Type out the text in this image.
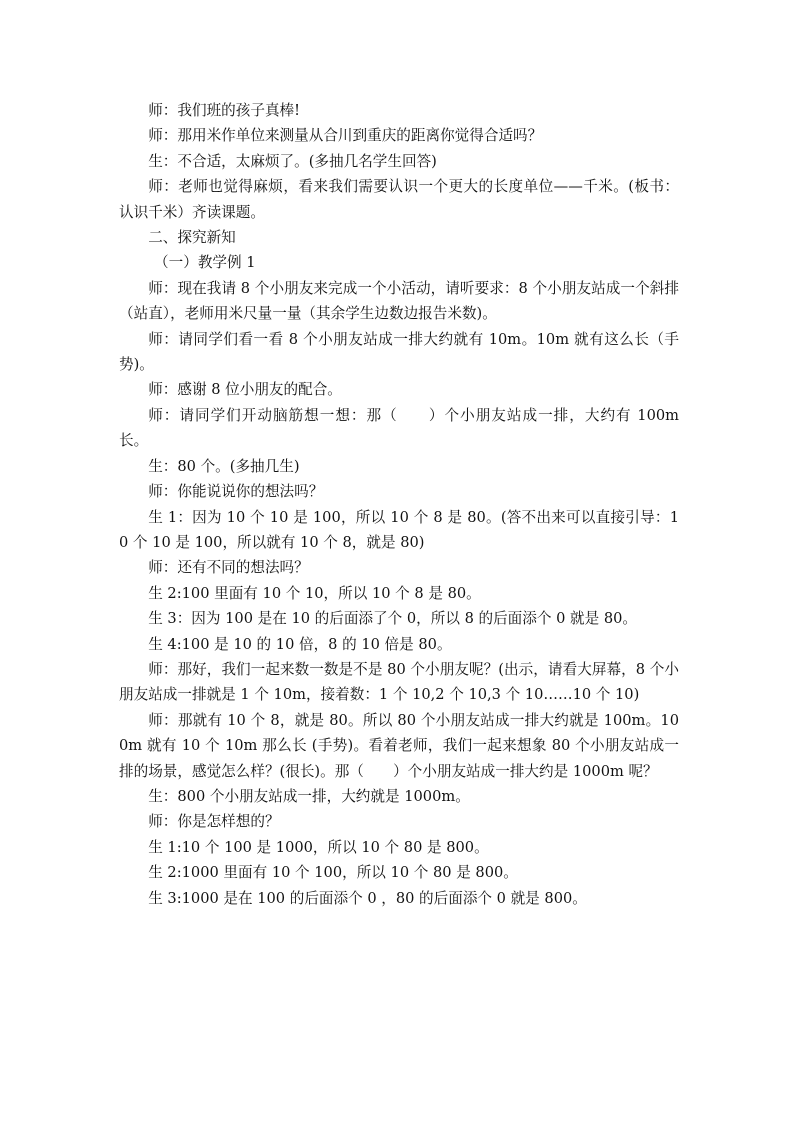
师：我们班的孩子真棒!

师：那用米作单位来测量从合川到重庆的距离你觉得合适吗？

生：不合适，太麻烦了。(多抽几名学生回答)

师：老师也觉得麻烦，看来我们需要认识一个更大的长度单位——千米。(板书：认识千米）齐读课题。

二、探究新知

（一）教学例 1

师：现在我请 8 个小朋友来完成一个小活动，请听要求：8 个小朋友站成一个斜排（站直），老师用米尺量一量（其余学生边数边报告米数)。

师：请同学们看一看 8 个小朋友站成一排大约就有 10m。10m 就有这么长（手势)。

师：感谢 8 位小朋友的配合。

师：请同学们开动脑筋想一想：那（　　）个小朋友站成一排，大约有 100m 长。

生：80 个。(多抽几生)

师：你能说说你的想法吗？

生 1：因为 10 个 10 是 100，所以 10 个 8 是 80。(答不出来可以直接引导：10 个 10 是 100，所以就有 10 个 8，就是 80)

师：还有不同的想法吗？

生 2:100 里面有 10 个 10，所以 10 个 8 是 80。

生 3：因为 100 是在 10 的后面添了个 0，所以 8 的后面添个 0 就是 80。

生 4:100 是 10 的 10 倍，8 的 10 倍是 80。

师：那好，我们一起来数一数是不是 80 个小朋友呢？(出示，请看大屏幕，8 个小朋友站成一排就是 1 个 10m，接着数：1 个 10,2 个 10,3 个 10……10 个 10)

师：那就有 10 个 8，就是 80。所以 80 个小朋友站成一排大约就是 100m。100m 就有 10 个 10m 那么长 (手势)。看着老师，我们一起来想象 80 个小朋友站成一排的场景，感觉怎么样？(很长)。那（　　）个小朋友站成一排大约是 1000m 呢？

生：800 个小朋友站成一排，大约就是 1000m。

师：你是怎样想的？

生 1:10 个 100 是 1000，所以 10 个 80 是 800。

生 2:1000 里面有 10 个 100，所以 10 个 80 是 800。

生 3:1000 是在 100 的后面添个 0 ，80 的后面添个 0 就是 800。
